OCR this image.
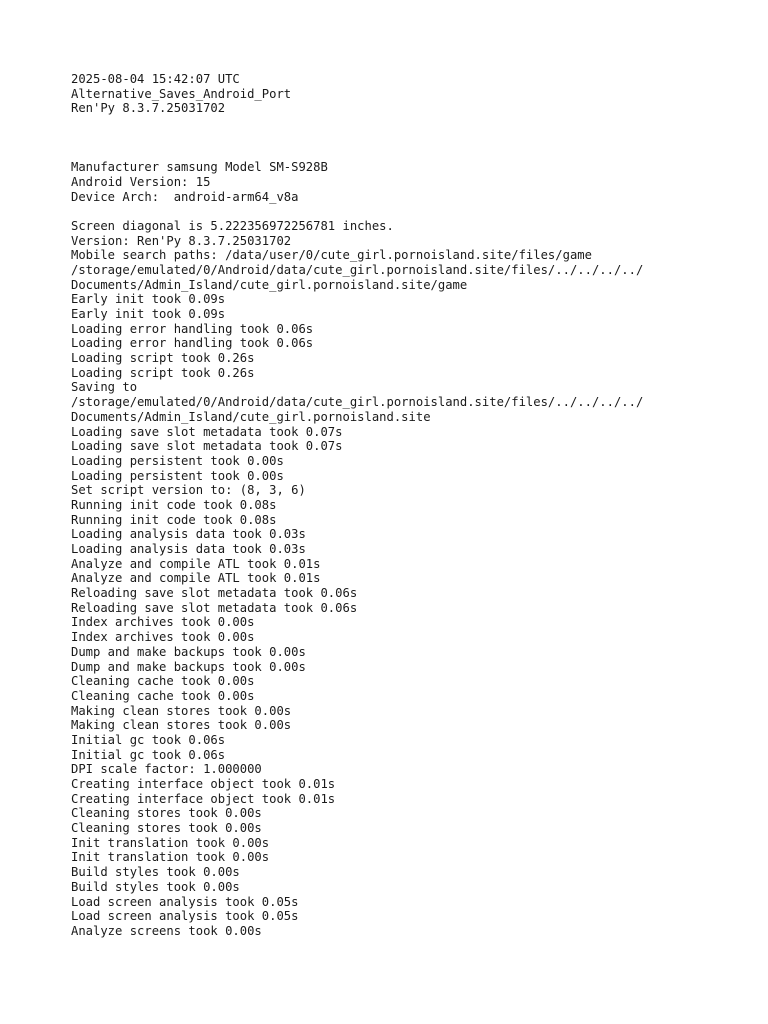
2025-08-04 15:42:07 UTC
Alternative_Saves_Android_Port
Ren'Py 8.3.7.25031702

Manufacturer samsung Model SM-S928B
Android Version: 15
Device Arch:  android-arm64_v8a

Screen diagonal is 5.222356972256781 inches.
Version: Ren'Py 8.3.7.25031702
Mobile search paths: /data/user/0/cute_girl.pornoisland.site/files/game
/storage/emulated/0/Android/data/cute_girl.pornoisland.site/files/../../../../
Documents/Admin_Island/cute_girl.pornoisland.site/game
Early init took 0.09s
Early init took 0.09s
Loading error handling took 0.06s
Loading error handling took 0.06s
Loading script took 0.26s
Loading script took 0.26s
Saving to
/storage/emulated/0/Android/data/cute_girl.pornoisland.site/files/../../../../
Documents/Admin_Island/cute_girl.pornoisland.site
Loading save slot metadata took 0.07s
Loading save slot metadata took 0.07s
Loading persistent took 0.00s
Loading persistent took 0.00s
Set script version to: (8, 3, 6)
Running init code took 0.08s
Running init code took 0.08s
Loading analysis data took 0.03s
Loading analysis data took 0.03s
Analyze and compile ATL took 0.01s
Analyze and compile ATL took 0.01s
Reloading save slot metadata took 0.06s
Reloading save slot metadata took 0.06s
Index archives took 0.00s
Index archives took 0.00s
Dump and make backups took 0.00s
Dump and make backups took 0.00s
Cleaning cache took 0.00s
Cleaning cache took 0.00s
Making clean stores took 0.00s
Making clean stores took 0.00s
Initial gc took 0.06s
Initial gc took 0.06s
DPI scale factor: 1.000000
Creating interface object took 0.01s
Creating interface object took 0.01s
Cleaning stores took 0.00s
Cleaning stores took 0.00s
Init translation took 0.00s
Init translation took 0.00s
Build styles took 0.00s
Build styles took 0.00s
Load screen analysis took 0.05s
Load screen analysis took 0.05s
Analyze screens took 0.00s
